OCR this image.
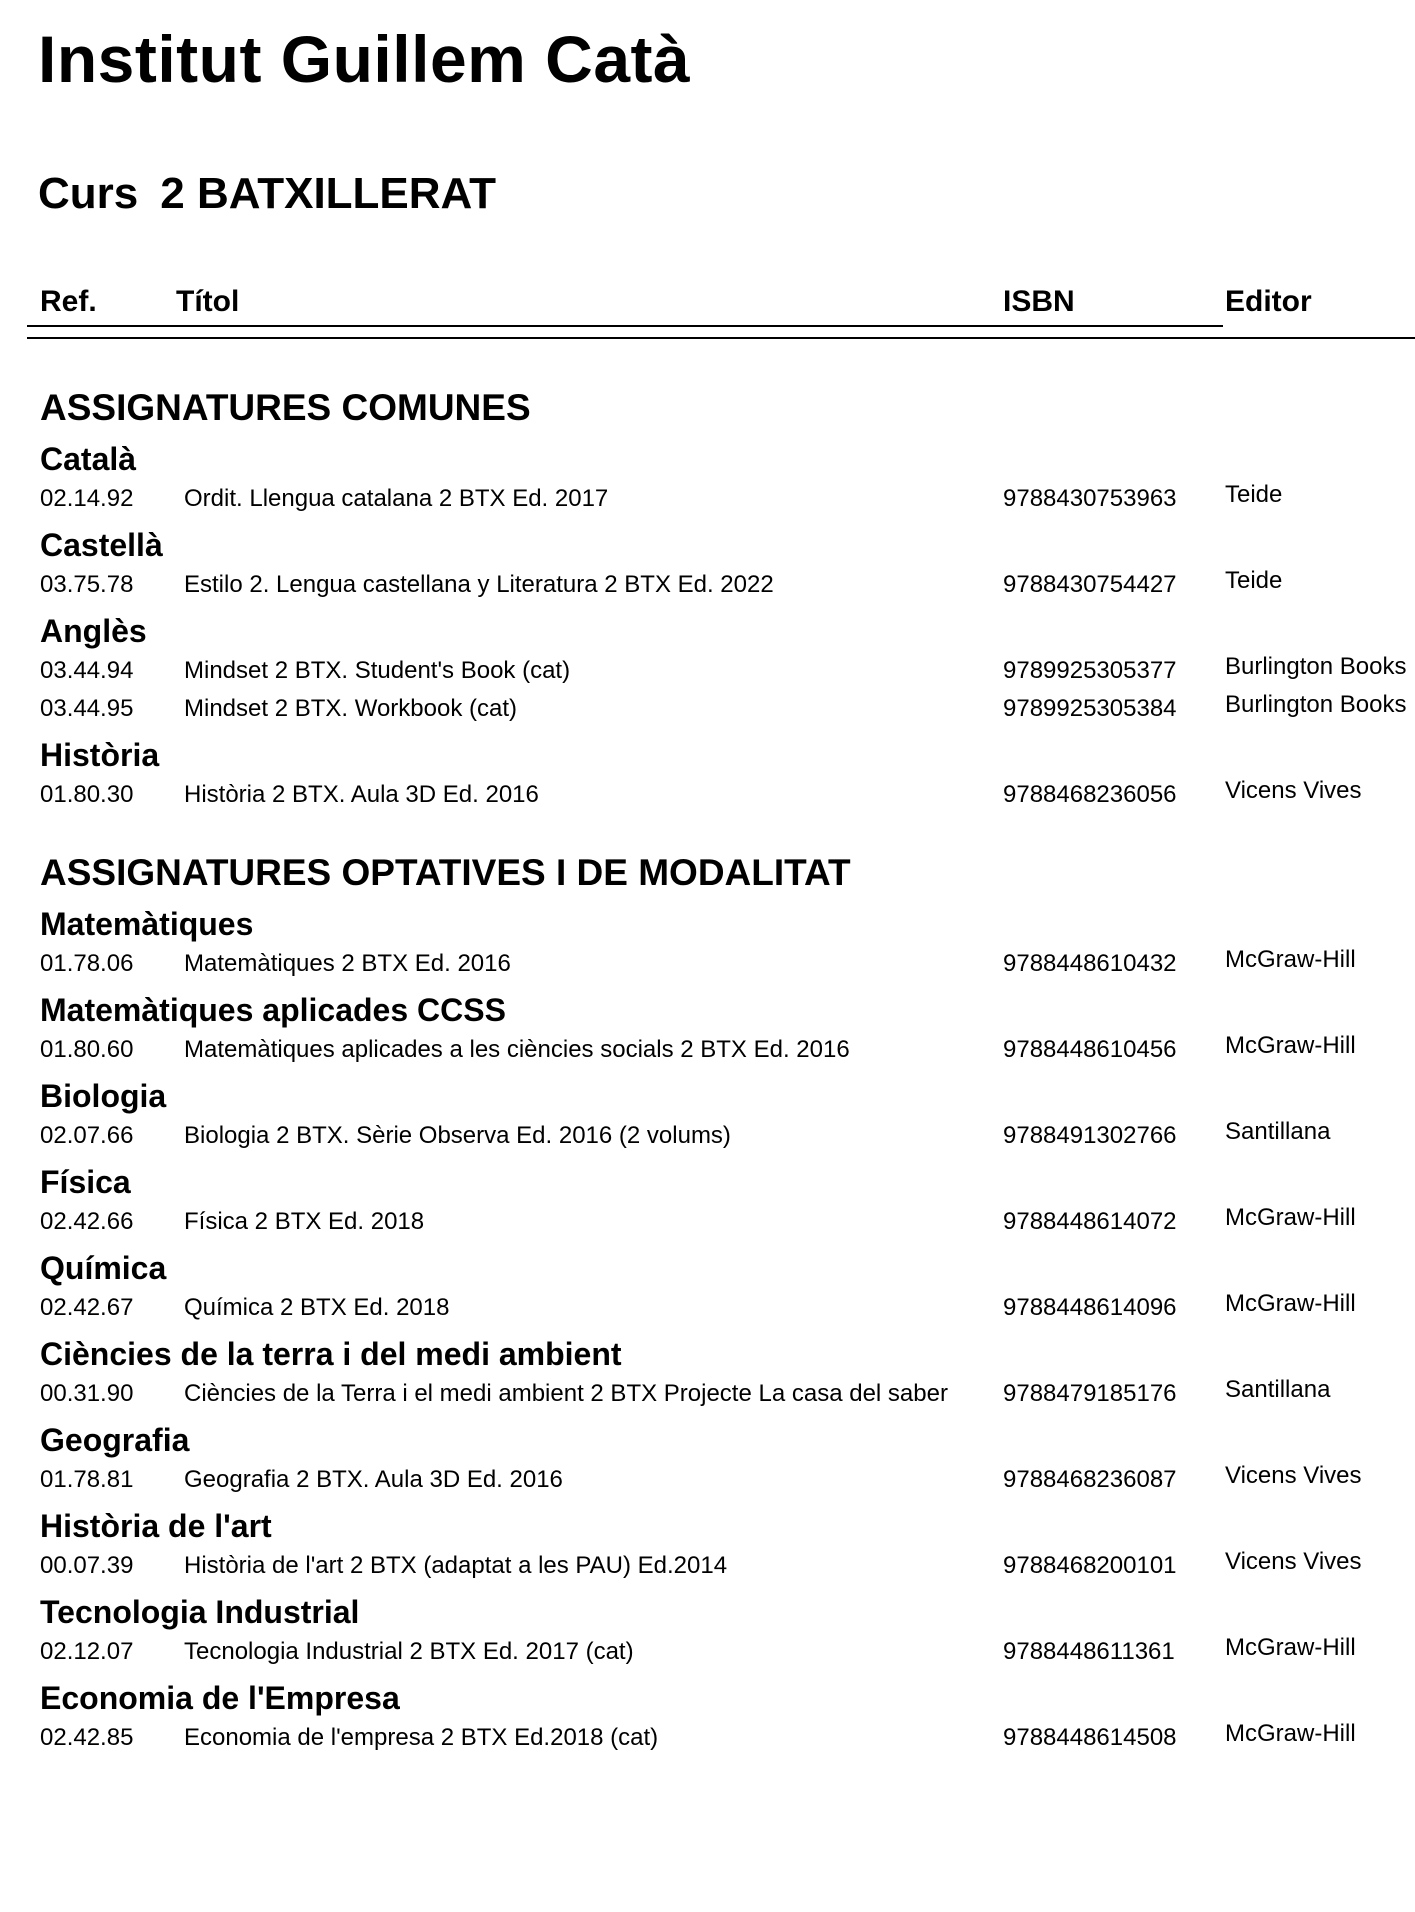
Institut Guillem Catà
Curs 2 BATXILLERAT
Ref.	Títol	ISBN	Editor
ASSIGNATURES COMUNES
Català
02.14.92 Ordit. Llengua catalana 2 BTX Ed. 2017	9788430753963 Teide
Castellà
03.75.78 Estilo 2. Lengua castellana y Literatura 2 BTX Ed. 2022	9788430754427 Teide
Anglès
03.44.94 Mindset 2 BTX. Student's Book (cat)	9789925305377 Burlington Books
03.44.95 Mindset 2 BTX. Workbook (cat)	9789925305384 Burlington Books
Història
01.80.30 Història 2 BTX. Aula 3D Ed. 2016	9788468236056 Vicens Vives
ASSIGNATURES OPTATIVES I DE MODALITAT
Matemàtiques
01.78.06 Matemàtiques 2 BTX Ed. 2016	9788448610432 McGraw-Hill
Matemàtiques aplicades CCSS
01.80.60 Matemàtiques aplicades a les ciències socials 2 BTX Ed. 2016	9788448610456 McGraw-Hill
Biologia
02.07.66 Biologia 2 BTX. Sèrie Observa Ed. 2016 (2 volums)	9788491302766 Santillana
Física
02.42.66 Física 2 BTX Ed. 2018	9788448614072 McGraw-Hill
Química
02.42.67 Química 2 BTX Ed. 2018	9788448614096 McGraw-Hill
Ciències de la terra i del medi ambient
00.31.90 Ciències de la Terra i el medi ambient 2 BTX Projecte La casa del saber 9788479185176 Santillana
Geografia
01.78.81 Geografia 2 BTX. Aula 3D Ed. 2016	9788468236087 Vicens Vives
Història de l'art
00.07.39 Història de l'art 2 BTX (adaptat a les PAU) Ed.2014	9788468200101 Vicens Vives
Tecnologia Industrial
02.12.07 Tecnologia Industrial 2 BTX Ed. 2017 (cat)	9788448611361 McGraw-Hill
Economia de l'Empresa
02.42.85 Economia de l'empresa 2 BTX Ed.2018 (cat)	9788448614508 McGraw-Hill
